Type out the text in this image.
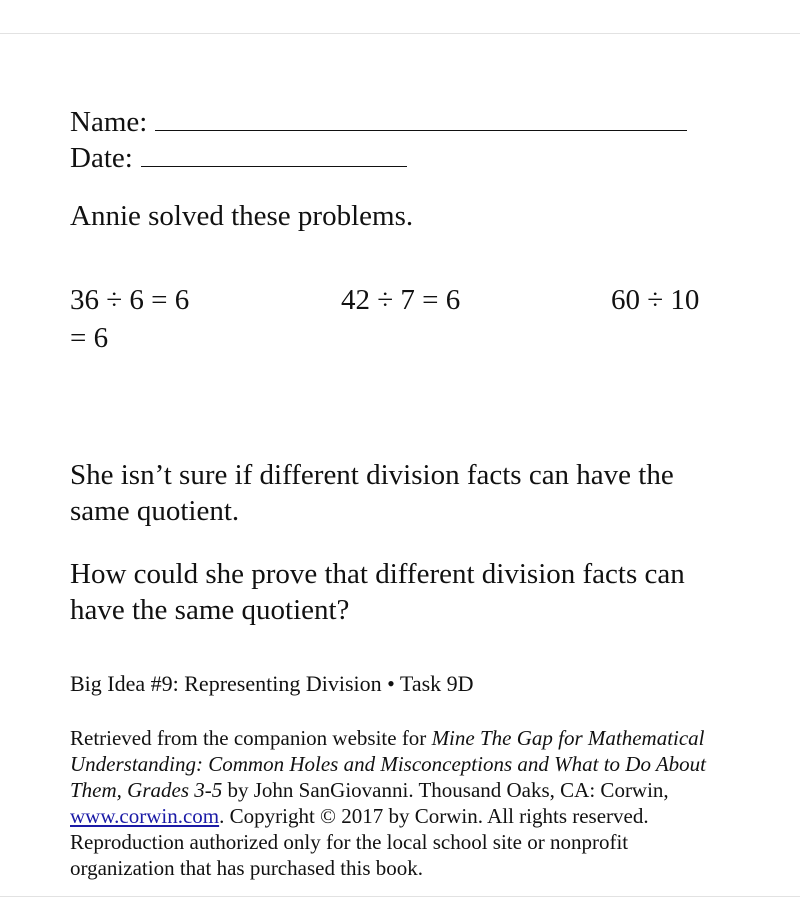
Name:
Date:
Annie solved these problems.
36 ÷ 6 = 6	42 ÷ 7 = 6	60 ÷ 10
= 6
She isn’t sure if different division facts can have the same quotient.
How could she prove that different division facts can have the same quotient?
Big Idea #9: Representing Division • Task 9D
Retrieved from the companion website for Mine The Gap for Mathematical Understanding: Common Holes and Misconceptions and What to Do About Them, Grades 3-5 by John SanGiovanni. Thousand Oaks, CA: Corwin, www.corwin.com. Copyright © 2017 by Corwin. All rights reserved. Reproduction authorized only for the local school site or nonprofit organization that has purchased this book.
